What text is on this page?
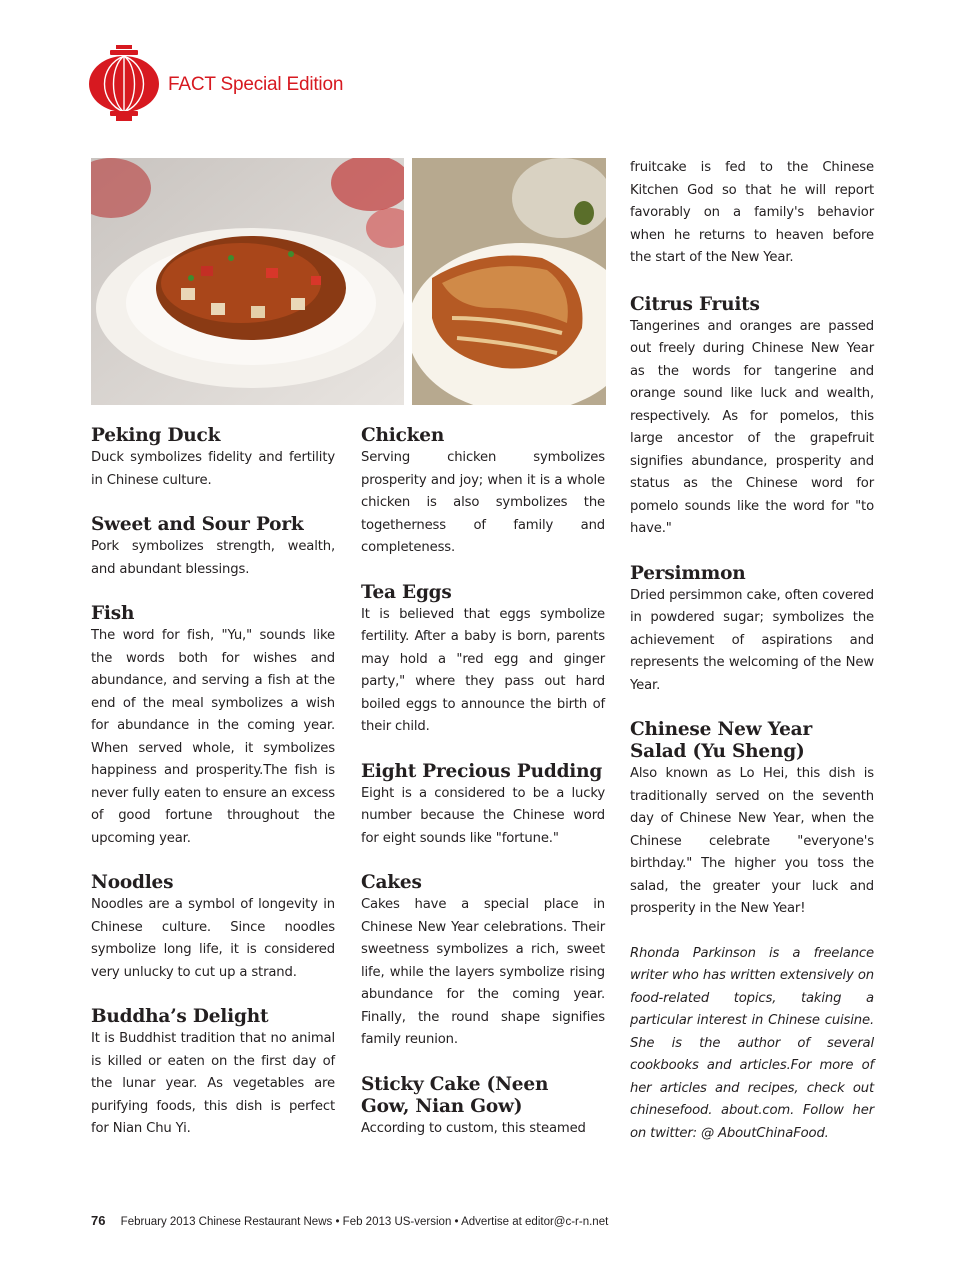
FACT Special Edition
Peking Duck

Duck symbolizes fidelity and fertility in Chinese culture.

Sweet and Sour Pork

Pork symbolizes strength, wealth, and abundant blessings.

Fish

The word for fish, "Yu," sounds like the words both for wishes and abundance, and serving a fish at the end of the meal symbolizes a wish for abundance in the coming year. When served whole, it symbolizes happiness and prosperity.The fish is never fully eaten to ensure an excess of good fortune throughout the upcoming year.

Noodles

Noodles are a symbol of longevity in Chinese culture. Since noodles symbolize long life, it is considered very unlucky to cut up a strand.

Buddha’s Delight

It is Buddhist tradition that no animal is killed or eaten on the first day of the lunar year. As vegetables are purifying foods, this dish is perfect for Nian Chu Yi.

Chicken

Serving chicken symbolizes prosperity and joy; when it is a whole chicken is also symbolizes the togetherness of family and completeness.

Tea Eggs

It is believed that eggs symbolize fertility. After a baby is born, parents may hold a "red egg and ginger party," where they pass out hard boiled eggs to announce the birth of their child.

Eight Precious Pudding

Eight is a considered to be a lucky number because the Chinese word for eight sounds like "fortune."

Cakes

Cakes have a special place in Chinese New Year celebrations. Their sweetness symbolizes a rich, sweet life, while the layers symbolize rising abundance for the coming year. Finally, the round shape signifies family reunion.

Sticky Cake (Neen Gow, Nian Gow)

According to custom, this steamed

fruitcake is fed to the Chinese Kitchen God so that he will report favorably on a family's behavior when he returns to heaven before the start of the New Year.

Citrus Fruits

Tangerines and oranges are passed out freely during Chinese New Year as the words for tangerine and orange sound like luck and wealth, respectively. As for pomelos, this large ancestor of the grapefruit signifies abundance, prosperity and status as the Chinese word for pomelo sounds like the word for "to have."

Persimmon

Dried persimmon cake, often covered in powdered sugar; symbolizes the achievement of aspirations and represents the welcoming of the New Year.

Chinese New Year Salad (Yu Sheng)

Also known as Lo Hei, this dish is traditionally served on the seventh day of Chinese New Year, when the Chinese celebrate "everyone's birthday." The higher you toss the salad, the greater your luck and prosperity in the New Year!

Rhonda Parkinson is a freelance writer who has written extensively on food-related topics, taking a particular interest in Chinese cuisine. She is the author of several cookbooks and articles.For more of her articles and recipes, check out chinesefood. about.com. Follow her on twitter: @ AboutChinaFood.

76 February 2013 Chinese Restaurant News • Feb 2013 US-version • Advertise at editor@c-r-n.net
